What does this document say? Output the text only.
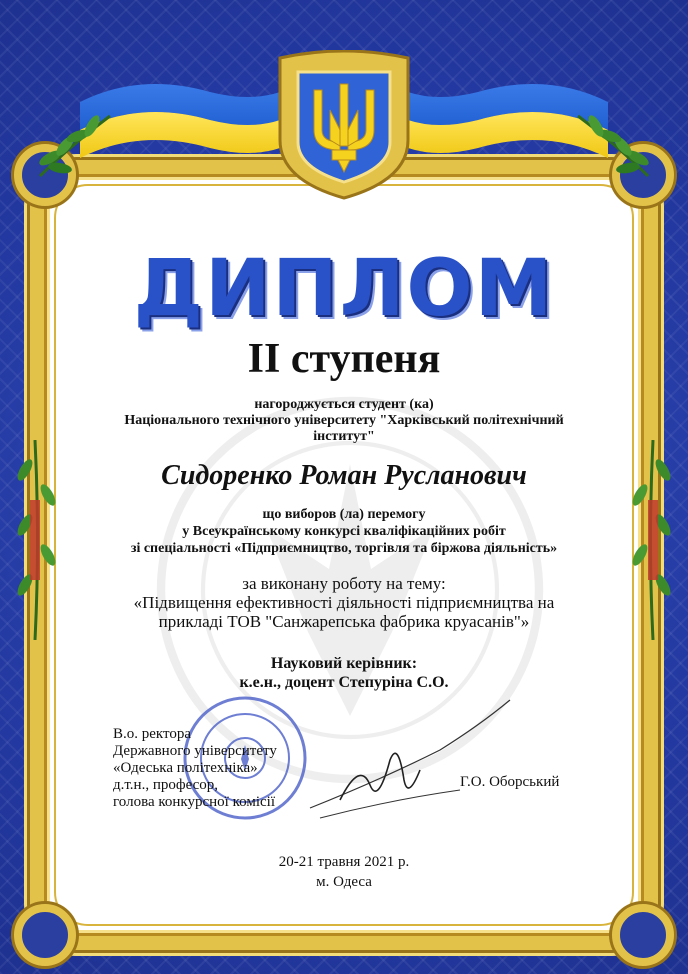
ДИПЛОМ
ІІ ступеня
нагороджується студент (ка)
Національного технічного університету "Харківський політехнічний
інститут"
Сидоренко Роман Русланович
що виборов (ла) перемогу
у Всеукраїнському конкурсі кваліфікаційних робіт
зі спеціальності «Підприємництво, торгівля та біржова діяльність»
за виконану роботу на тему:
«Підвищення ефективності діяльності підприємництва на
прикладі ТОВ "Санжарепська фабрика круасанів"»
Науковий керівник:
к.е.н., доцент Степуріна С.О.
В.о. ректора
Державного університету
«Одеська політехніка»
д.т.н., професор,
голова конкурсної комісії
Г.О. Оборський
20-21 травня 2021 р.
м. Одеса
